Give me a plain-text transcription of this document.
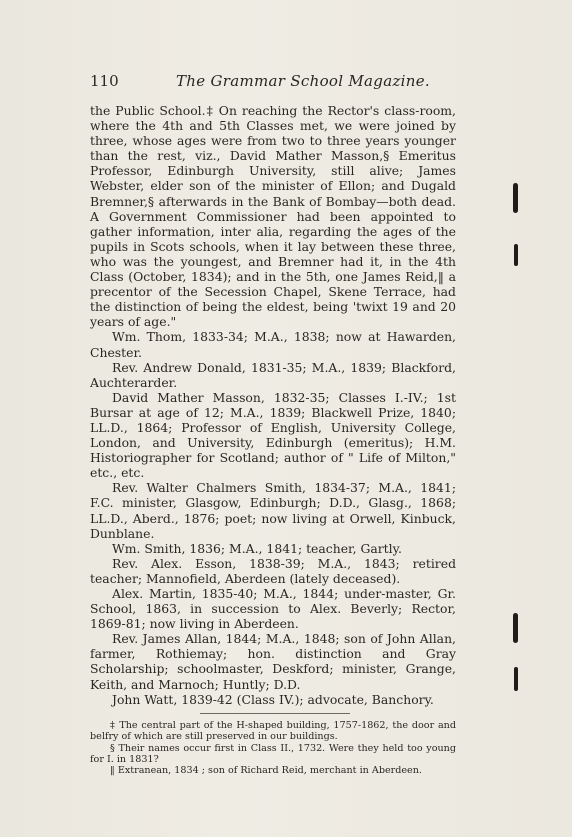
110	The Grammar School Magazine.

the Public School.‡ On reaching the Rector's class-room, where the 4th and 5th Classes met, we were joined by three, whose ages were from two to three years younger than the rest, viz., David Mather Masson,§ Emeritus Professor, Edinburgh University, still alive; James Webster, elder son of the minister of Ellon; and Dugald Bremner,§ afterwards in the Bank of Bombay—both dead. A Government Commissioner had been appointed to gather information, inter alia, regarding the ages of the pupils in Scots schools, when it lay between these three, who was the youngest, and Bremner had it, in the 4th Class (October, 1834); and in the 5th, one James Reid,‖ a precentor of the Secession Chapel, Skene Terrace, had the distinction of being the eldest, being 'twixt 19 and 20 years of age."

Wm. Thom, 1833-34; M.A., 1838; now at Hawarden, Chester.

Rev. Andrew Donald, 1831-35; M.A., 1839; Blackford, Auchterarder.

David Mather Masson, 1832-35; Classes I.-IV.; 1st Bursar at age of 12; M.A., 1839; Blackwell Prize, 1840; LL.D., 1864; Professor of English, University College, London, and University, Edinburgh (emeritus); H.M. Historiographer for Scotland; author of " Life of Milton," etc., etc.

Rev. Walter Chalmers Smith, 1834-37; M.A., 1841; F.C. minister, Glasgow, Edinburgh; D.D., Glasg., 1868; LL.D., Aberd., 1876; poet; now living at Orwell, Kinbuck, Dunblane.

Wm. Smith, 1836; M.A., 1841; teacher, Gartly.

Rev. Alex. Esson, 1838-39; M.A., 1843; retired teacher; Mannofield, Aberdeen (lately deceased).

Alex. Martin, 1835-40; M.A., 1844; under-master, Gr. School, 1863, in succession to Alex. Beverly; Rector, 1869-81; now living in Aberdeen.

Rev. James Allan, 1844; M.A., 1848; son of John Allan, farmer, Rothiemay; hon. distinction and Gray Scholarship; schoolmaster, Deskford; minister, Grange, Keith, and Marnoch; Huntly; D.D.

John Watt, 1839-42 (Class IV.); advocate, Banchory.

‡ The central part of the H-shaped building, 1757-1862, the door and belfry of which are still preserved in our buildings.

§ Their names occur first in Class II., 1732. Were they held too young for I. in 1831?

‖ Extranean, 1834 ; son of Richard Reid, merchant in Aberdeen.
